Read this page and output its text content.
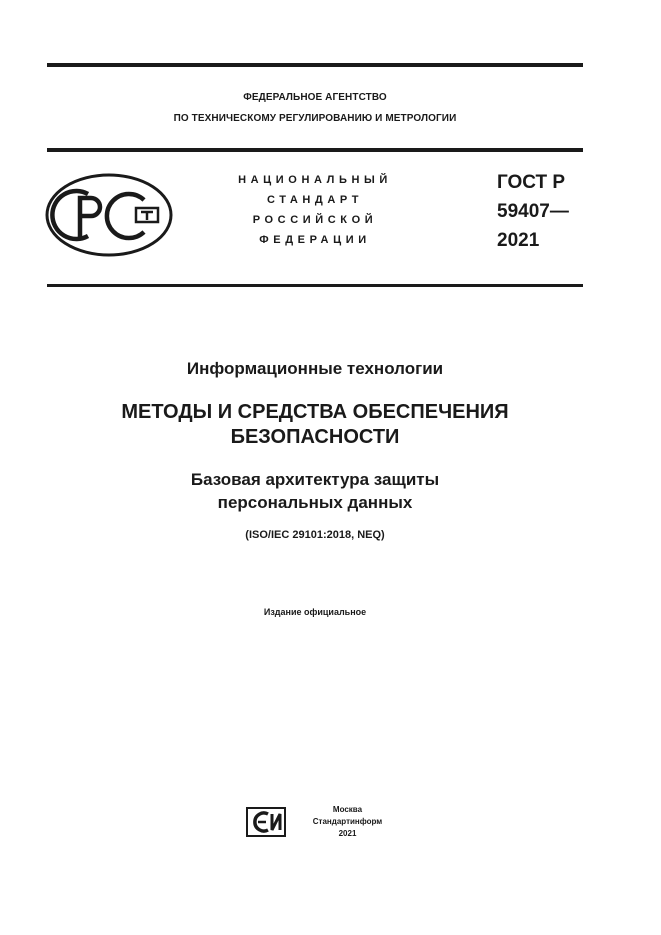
ФЕДЕРАЛЬНОЕ АГЕНТСТВО
ПО ТЕХНИЧЕСКОМУ РЕГУЛИРОВАНИЮ И МЕТРОЛОГИИ
НАЦИОНАЛЬНЫЙ
СТАНДАРТ
РОССИЙСКОЙ
ФЕДЕРАЦИИ
ГОСТ Р
59407—
2021
Информационные технологии
МЕТОДЫ И СРЕДСТВА ОБЕСПЕЧЕНИЯ
БЕЗОПАСНОСТИ
Базовая архитектура защиты
персональных данных
(ISO/IEC 29101:2018, NEQ)
Издание официальное
Москва
Стандартинформ
2021
